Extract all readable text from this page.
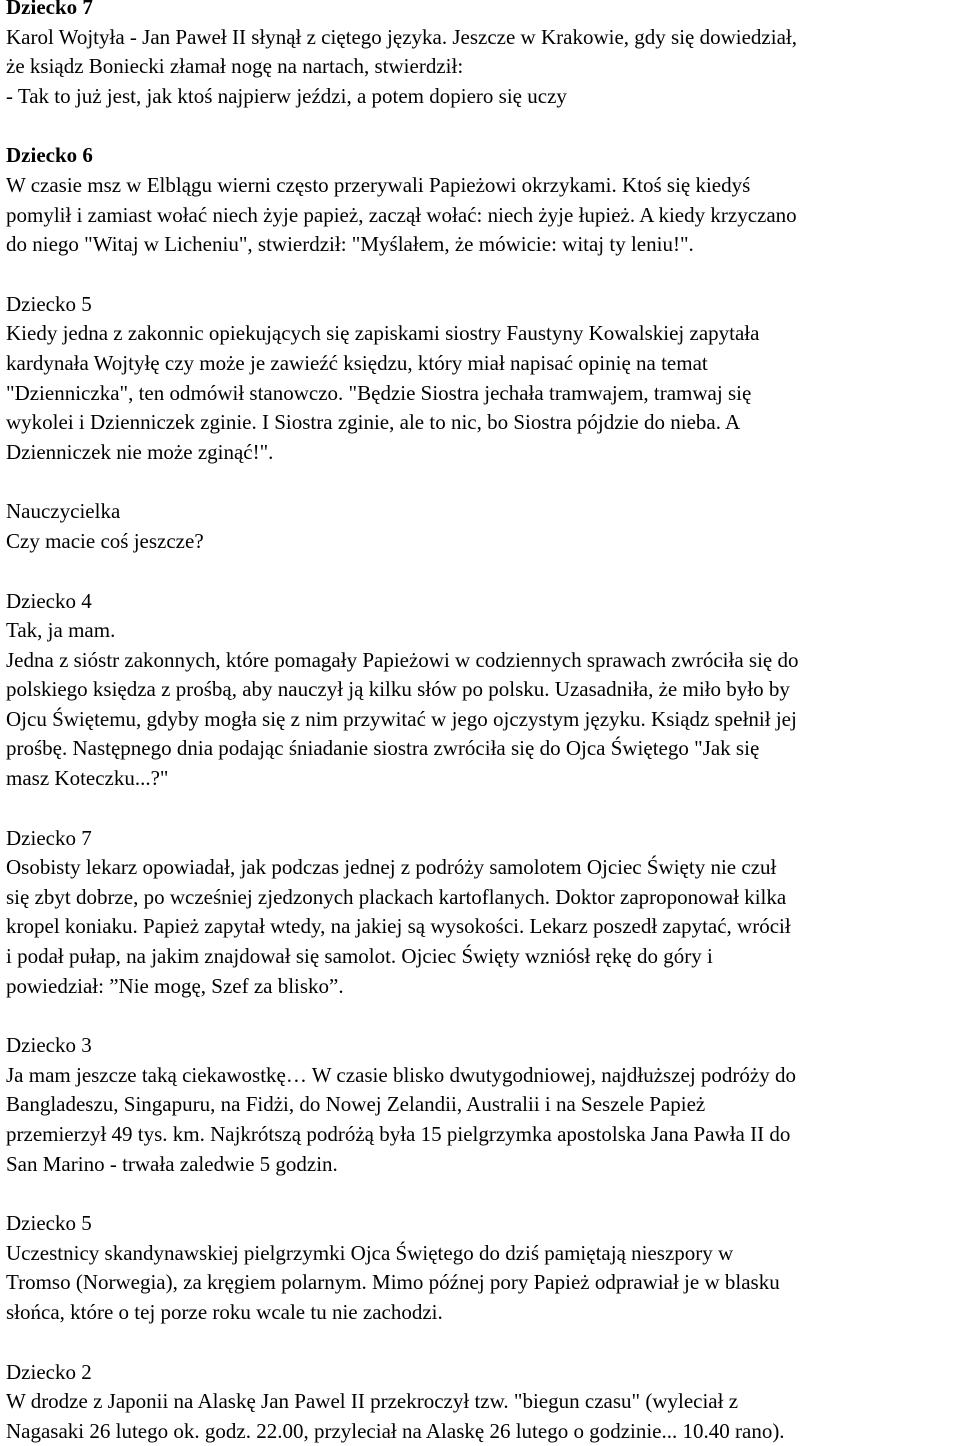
Dziecko 7

Karol Wojtyła - Jan Paweł II słynął z ciętego języka. Jeszcze w Krakowie, gdy się dowiedział,

że ksiądz Boniecki złamał nogę na nartach, stwierdził:

- Tak to już jest, jak ktoś najpierw jeździ, a potem dopiero się uczy

Dziecko 6

W czasie msz w Elblągu wierni często przerywali Papieżowi okrzykami. Ktoś się kiedyś

pomylił i zamiast wołać niech żyje papież, zaczął wołać: niech żyje łupież. A kiedy krzyczano

do niego "Witaj w Licheniu", stwierdził: "Myślałem, że mówicie: witaj ty leniu!".

Dziecko 5

Kiedy jedna z zakonnic opiekujących się zapiskami siostry Faustyny Kowalskiej zapytała

kardynała Wojtyłę czy może je zawieźć księdzu, który miał napisać opinię na temat

"Dzienniczka", ten odmówił stanowczo. "Będzie Siostra jechała tramwajem, tramwaj się

wykolei i Dzienniczek zginie. I Siostra zginie, ale to nic, bo Siostra pójdzie do nieba. A

Dzienniczek nie może zginąć!".

Nauczycielka

Czy macie coś jeszcze?

Dziecko 4

Tak, ja mam.

Jedna z sióstr zakonnych, które pomagały Papieżowi w codziennych sprawach zwróciła się do

polskiego księdza z prośbą, aby nauczył ją kilku słów po polsku. Uzasadniła, że miło było by

Ojcu Świętemu, gdyby mogła się z nim przywitać w jego ojczystym języku. Ksiądz spełnił jej

prośbę. Następnego dnia podając śniadanie siostra zwróciła się do Ojca Świętego "Jak się

masz Koteczku...?"

Dziecko 7

Osobisty lekarz opowiadał, jak podczas jednej z podróży samolotem Ojciec Święty nie czuł

się zbyt dobrze, po wcześniej zjedzonych plackach kartoflanych. Doktor zaproponował kilka

kropel koniaku. Papież zapytał wtedy, na jakiej są wysokości. Lekarz poszedł zapytać, wrócił

i podał pułap, na jakim znajdował się samolot. Ojciec Święty wzniósł rękę do góry i

powiedział: ”Nie mogę, Szef za blisko”.

Dziecko 3

Ja mam jeszcze taką ciekawostkę… W czasie blisko dwutygodniowej, najdłuższej podróży do

Bangladeszu, Singapuru, na Fidżi, do Nowej Zelandii, Australii i na Seszele Papież

przemierzył 49 tys. km. Najkrótszą podróżą była 15 pielgrzymka apostolska Jana Pawła II do

San Marino - trwała zaledwie 5 godzin.

Dziecko 5

Uczestnicy skandynawskiej pielgrzymki Ojca Świętego do dziś pamiętają nieszpory w

Tromso (Norwegia), za kręgiem polarnym. Mimo późnej pory Papież odprawiał je w blasku

słońca, które o tej porze roku wcale tu nie zachodzi.

Dziecko 2

W drodze z Japonii na Alaskę Jan Pawel II przekroczył tzw. "biegun czasu" (wyleciał z

Nagasaki 26 lutego ok. godz. 22.00, przyleciał na Alaskę 26 lutego o godzinie... 10.40 rano).
